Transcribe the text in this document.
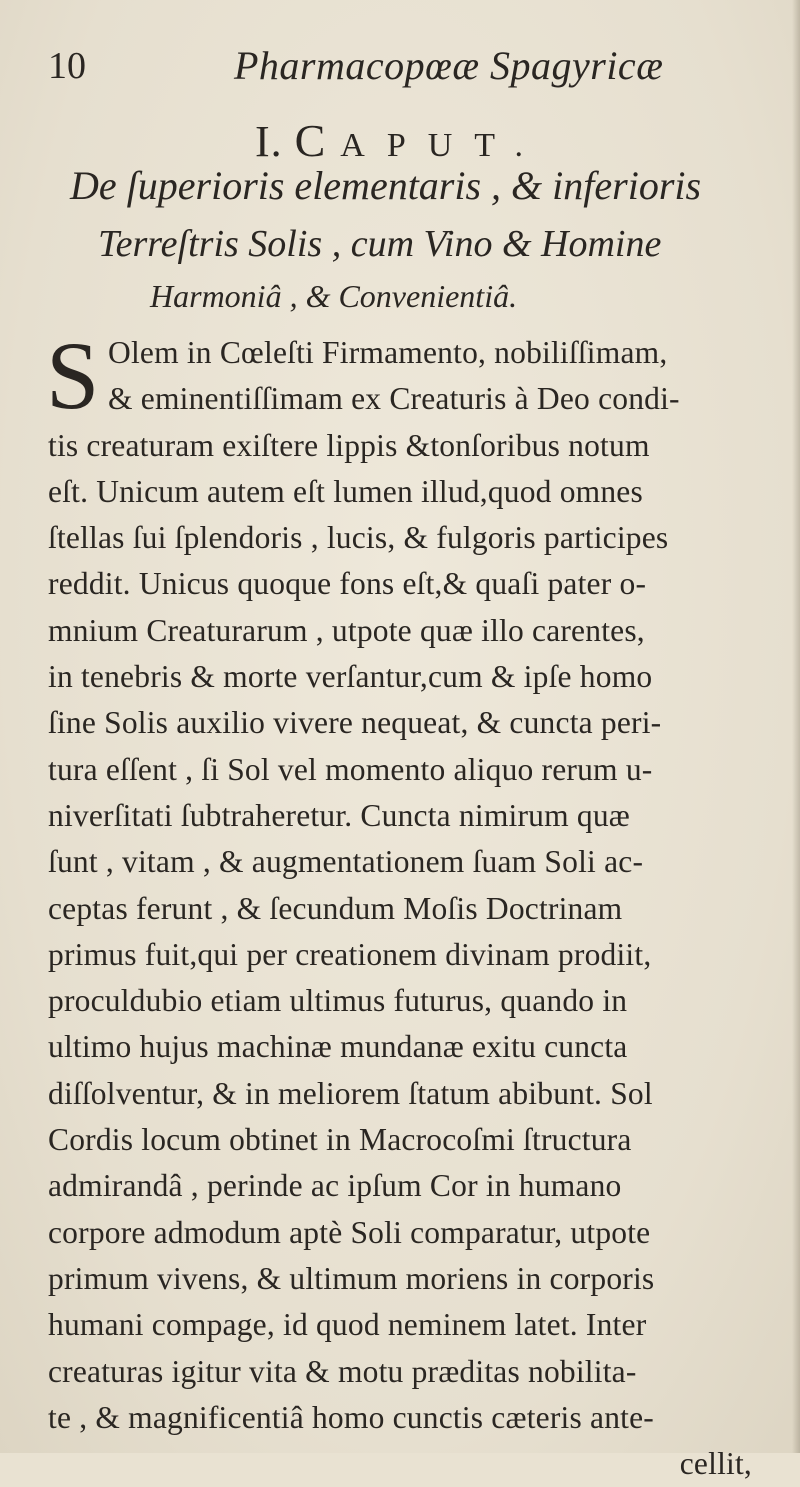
10	Pharmacopœæ Spagyricæ
I. C APUT.
De ſuperioris elementaris , & inferioris
Terreſtris Solis , cum Vino & Homine
Harmoniâ , & Convenientiâ.
S Olem in Cœleſti Firmamento, nobiliſſimam,
& eminentiſſimam ex Creaturis à Deo condi-
tis creaturam exiſtere lippis &tonſoribus notum
eſt. Unicum autem eſt lumen illud,quod omnes
ſtellas ſui ſplendoris , lucis, & fulgoris participes
reddit. Unicus quoque fons eſt,& quaſi pater o-
mnium Creaturarum , utpote quæ illo carentes,
in tenebris & morte verſantur,cum & ipſe homo
ſine Solis auxilio vivere nequeat, & cuncta peri-
tura eſſent , ſi Sol vel momento aliquo rerum u-
niverſitati ſubtraheretur. Cuncta nimirum quæ
ſunt , vitam , & augmentationem ſuam Soli ac-
ceptas ferunt , & ſecundum Moſis Doctrinam
primus fuit,qui per creationem divinam prodiit,
proculdubio etiam ultimus futurus, quando in
ultimo hujus machinæ mundanæ exitu cuncta
diſſolventur, & in meliorem ſtatum abibunt. Sol
Cordis locum obtinet in Macrocoſmi ſtructura
admirandâ , perinde ac ipſum Cor in humano
corpore admodum aptè Soli comparatur, utpote
primum vivens, & ultimum moriens in corporis
humani compage, id quod neminem latet. Inter
creaturas igitur vita & motu præditas nobilita-
te , & magnificentiâ homo cunctis cæteris ante-
cellit,
